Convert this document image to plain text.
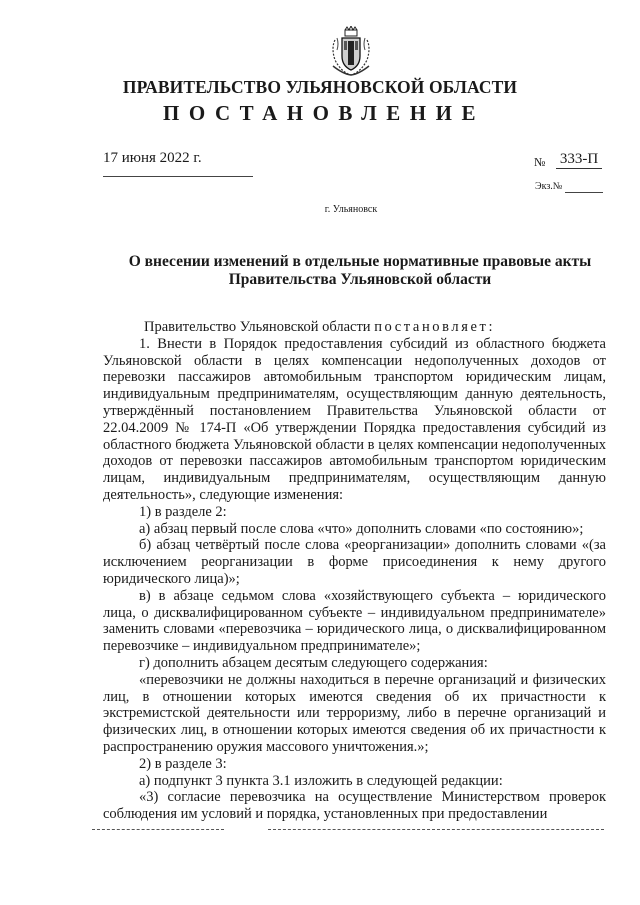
ПРАВИТЕЛЬСТВО УЛЬЯНОВСКОЙ ОБЛАСТИ
ПОСТАНОВЛЕНИЕ
17 июня 2022 г.	№ 333-П
Экз.№
г. Ульяновск
О внесении изменений в отдельные нормативные правовые акты
Правительства Ульяновской области

Правительство Ульяновской области постановляет:

1. Внести в Порядок предоставления субсидий из областного бюджета Ульяновской области в целях компенсации недополученных доходов от перевозки пассажиров автомобильным транспортом юридическим лицам, индивидуальным предпринимателям, осуществляющим данную деятельность, утверждённый постановлением Правительства Ульяновской области от 22.04.2009 № 174-П «Об утверждении Порядка предоставления субсидий из областного бюджета Ульяновской области в целях компенсации недополученных доходов от перевозки пассажиров автомобильным транспортом юридическим лицам, индивидуальным предпринимателям, осуществляющим данную деятельность», следующие изменения:

1) в разделе 2:

а) абзац первый после слова «что» дополнить словами «по состоянию»;

б) абзац четвёртый после слова «реорганизации» дополнить словами «(за исключением реорганизации в форме присоединения к нему другого юридического лица)»;

в) в абзаце седьмом слова «хозяйствующего субъекта – юридического лица, о дисквалифицированном субъекте – индивидуальном предпринимателе» заменить словами «перевозчика – юридического лица, о дисквалифицированном перевозчике – индивидуальном предпринимателе»;

г) дополнить абзацем десятым следующего содержания:

«перевозчики не должны находиться в перечне организаций и физических лиц, в отношении которых имеются сведения об их причастности к экстремистской деятельности или терроризму, либо в перечне организаций и физических лиц, в отношении которых имеются сведения об их причастности к распространению оружия массового уничтожения.»;

2) в разделе 3:

а) подпункт 3 пункта 3.1 изложить в следующей редакции:

«3) согласие перевозчика на осуществление Министерством проверок соблюдения им условий и порядка, установленных при предоставлении
